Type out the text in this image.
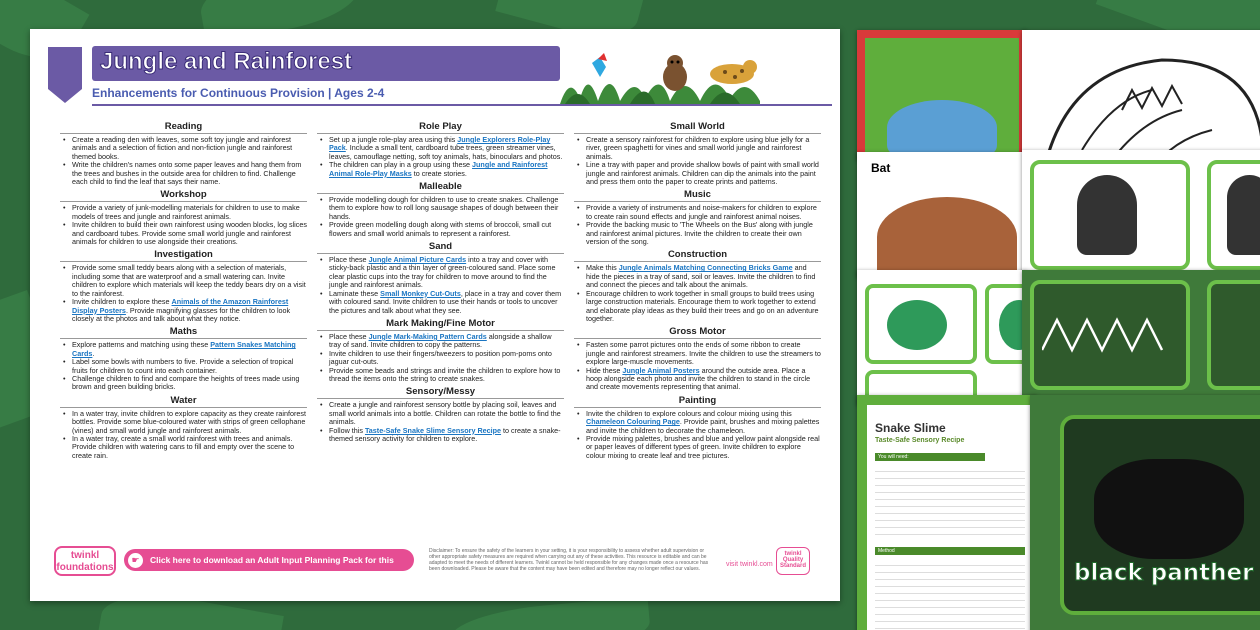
Jungle and Rainforest
Enhancements for Continuous Provision | Ages 2-4
Reading
• Create a reading den with leaves, some soft toy jungle and rainforest animals and a selection of fiction and non-fiction jungle and rainforest themed books.
• Write the children's names onto some paper leaves and hang them from the trees and bushes in the outside area for children to find. Challenge each child to find the leaf that says their name.
Workshop
• Provide a variety of junk-modelling materials for children to use to make models of trees and jungle and rainforest animals.
• Invite children to build their own rainforest using wooden blocks, log slices and cardboard tubes. Provide some small world jungle and rainforest animals for children to use alongside their creations.
Investigation
• Provide some small teddy bears along with a selection of materials, including some that are waterproof and a small watering can. Invite children to explore which materials will keep the teddy bears dry on a visit to the rainforest.
• Invite children to explore these Animals of the Amazon Rainforest Display Posters. Provide magnifying glasses for the children to look closely at the photos and talk about what they notice.
Maths
• Explore patterns and matching using these Pattern Snakes Matching Cards.
• Label some bowls with numbers to five. Provide a selection of tropical fruits for children to count into each container.
• Challenge children to find and compare the heights of trees made using brown and green building bricks.
Water
• In a water tray, invite children to explore capacity as they create rainforest bottles. Provide some blue-coloured water with strips of green cellophane (vines) and small world jungle and rainforest animals.
• In a water tray, create a small world rainforest with trees and animals. Provide children with watering cans to fill and empty over the scene to create rain.
Role Play
• Set up a jungle role-play area using this Jungle Explorers Role-Play Pack. Include a small tent, cardboard tube trees, green streamer vines, leaves, camouflage netting, soft toy animals, hats, binoculars and photos.
• The children can play in a group using these Jungle and Rainforest Animal Role-Play Masks to create stories.
Malleable
• Provide modelling dough for children to use to create snakes. Challenge them to explore how to roll long sausage shapes of dough between their hands.
• Provide green modelling dough along with stems of broccoli, small cut flowers and small world animals to represent a rainforest.
Sand
• Place these Jungle Animal Picture Cards into a tray and cover with sticky-back plastic and a thin layer of green-coloured sand. Place some clear plastic cups into the tray for children to move around to find the jungle and rainforest animals.
• Laminate these Small Monkey Cut-Outs, place in a tray and cover them with coloured sand. Invite children to use their hands or tools to uncover the pictures and talk about what they see.
Mark Making/Fine Motor
• Place these Jungle Mark-Making Pattern Cards alongside a shallow tray of sand. Invite children to copy the patterns.
• Invite children to use their fingers/tweezers to position pom-poms onto jaguar cut-outs.
• Provide some beads and strings and invite the children to explore how to thread the items onto the string to create snakes.
Sensory/Messy
• Create a jungle and rainforest sensory bottle by placing soil, leaves and small world animals into a bottle. Children can rotate the bottle to find the animals.
• Follow this Taste-Safe Snake Slime Sensory Recipe to create a snake-themed sensory activity for children to explore.
Small World
• Create a sensory rainforest for children to explore using blue jelly for a river, green spaghetti for vines and small world jungle and rainforest animals.
• Line a tray with paper and provide shallow bowls of paint with small world jungle and rainforest animals. Children can dip the animals into the paint and press them onto the paper to create prints and patterns.
Music
• Provide a variety of instruments and noise-makers for children to explore to create rain sound effects and jungle and rainforest animal noises.
• Provide the backing music to 'The Wheels on the Bus' along with jungle and rainforest animal pictures. Invite the children to create their own version of the song.
Construction
• Make this Jungle Animals Matching Connecting Bricks Game and hide the pieces in a tray of sand, soil or leaves. Invite the children to find and connect the pieces and talk about the animals.
• Encourage children to work together in small groups to build trees using large construction materials. Encourage them to work together to extend and elaborate play ideas as they build their trees and go on an adventure together.
Gross Motor
• Fasten some parrot pictures onto the ends of some ribbon to create jungle and rainforest streamers. Invite the children to use the streamers to explore large-muscle movements.
• Hide these Jungle Animal Posters around the outside area. Place a hoop alongside each photo and invite the children to stand in the circle and create movements representing that animal.
Painting
• Invite the children to explore colours and colour mixing using this Chameleon Colouring Page. Provide paint, brushes and mixing palettes and invite the children to decorate the chameleon.
• Provide mixing palettes, brushes and blue and yellow paint alongside real or paper leaves of different types of green. Invite children to explore colour mixing to create leaf and tree pictures.
twinkl foundations
Click here to download an Adult Input Planning Pack for this theme.
☛
Disclaimer: To ensure the safety of the learners in your setting, it is your responsibility to assess whether adult supervision or other appropriate safety measures are required when carrying out any of these activities. This resource is editable and can be adapted to meet the needs of different learners. Twinkl cannot be held responsible for any changes made once a resource has been downloaded. Please be aware that the content may have been edited and therefore may no longer reflect our values.
visit twinkl.com
twinkl Quality Standard
Bat
Snake Slime
Taste-Safe Sensory Recipe
You will need:
Method
black panther
